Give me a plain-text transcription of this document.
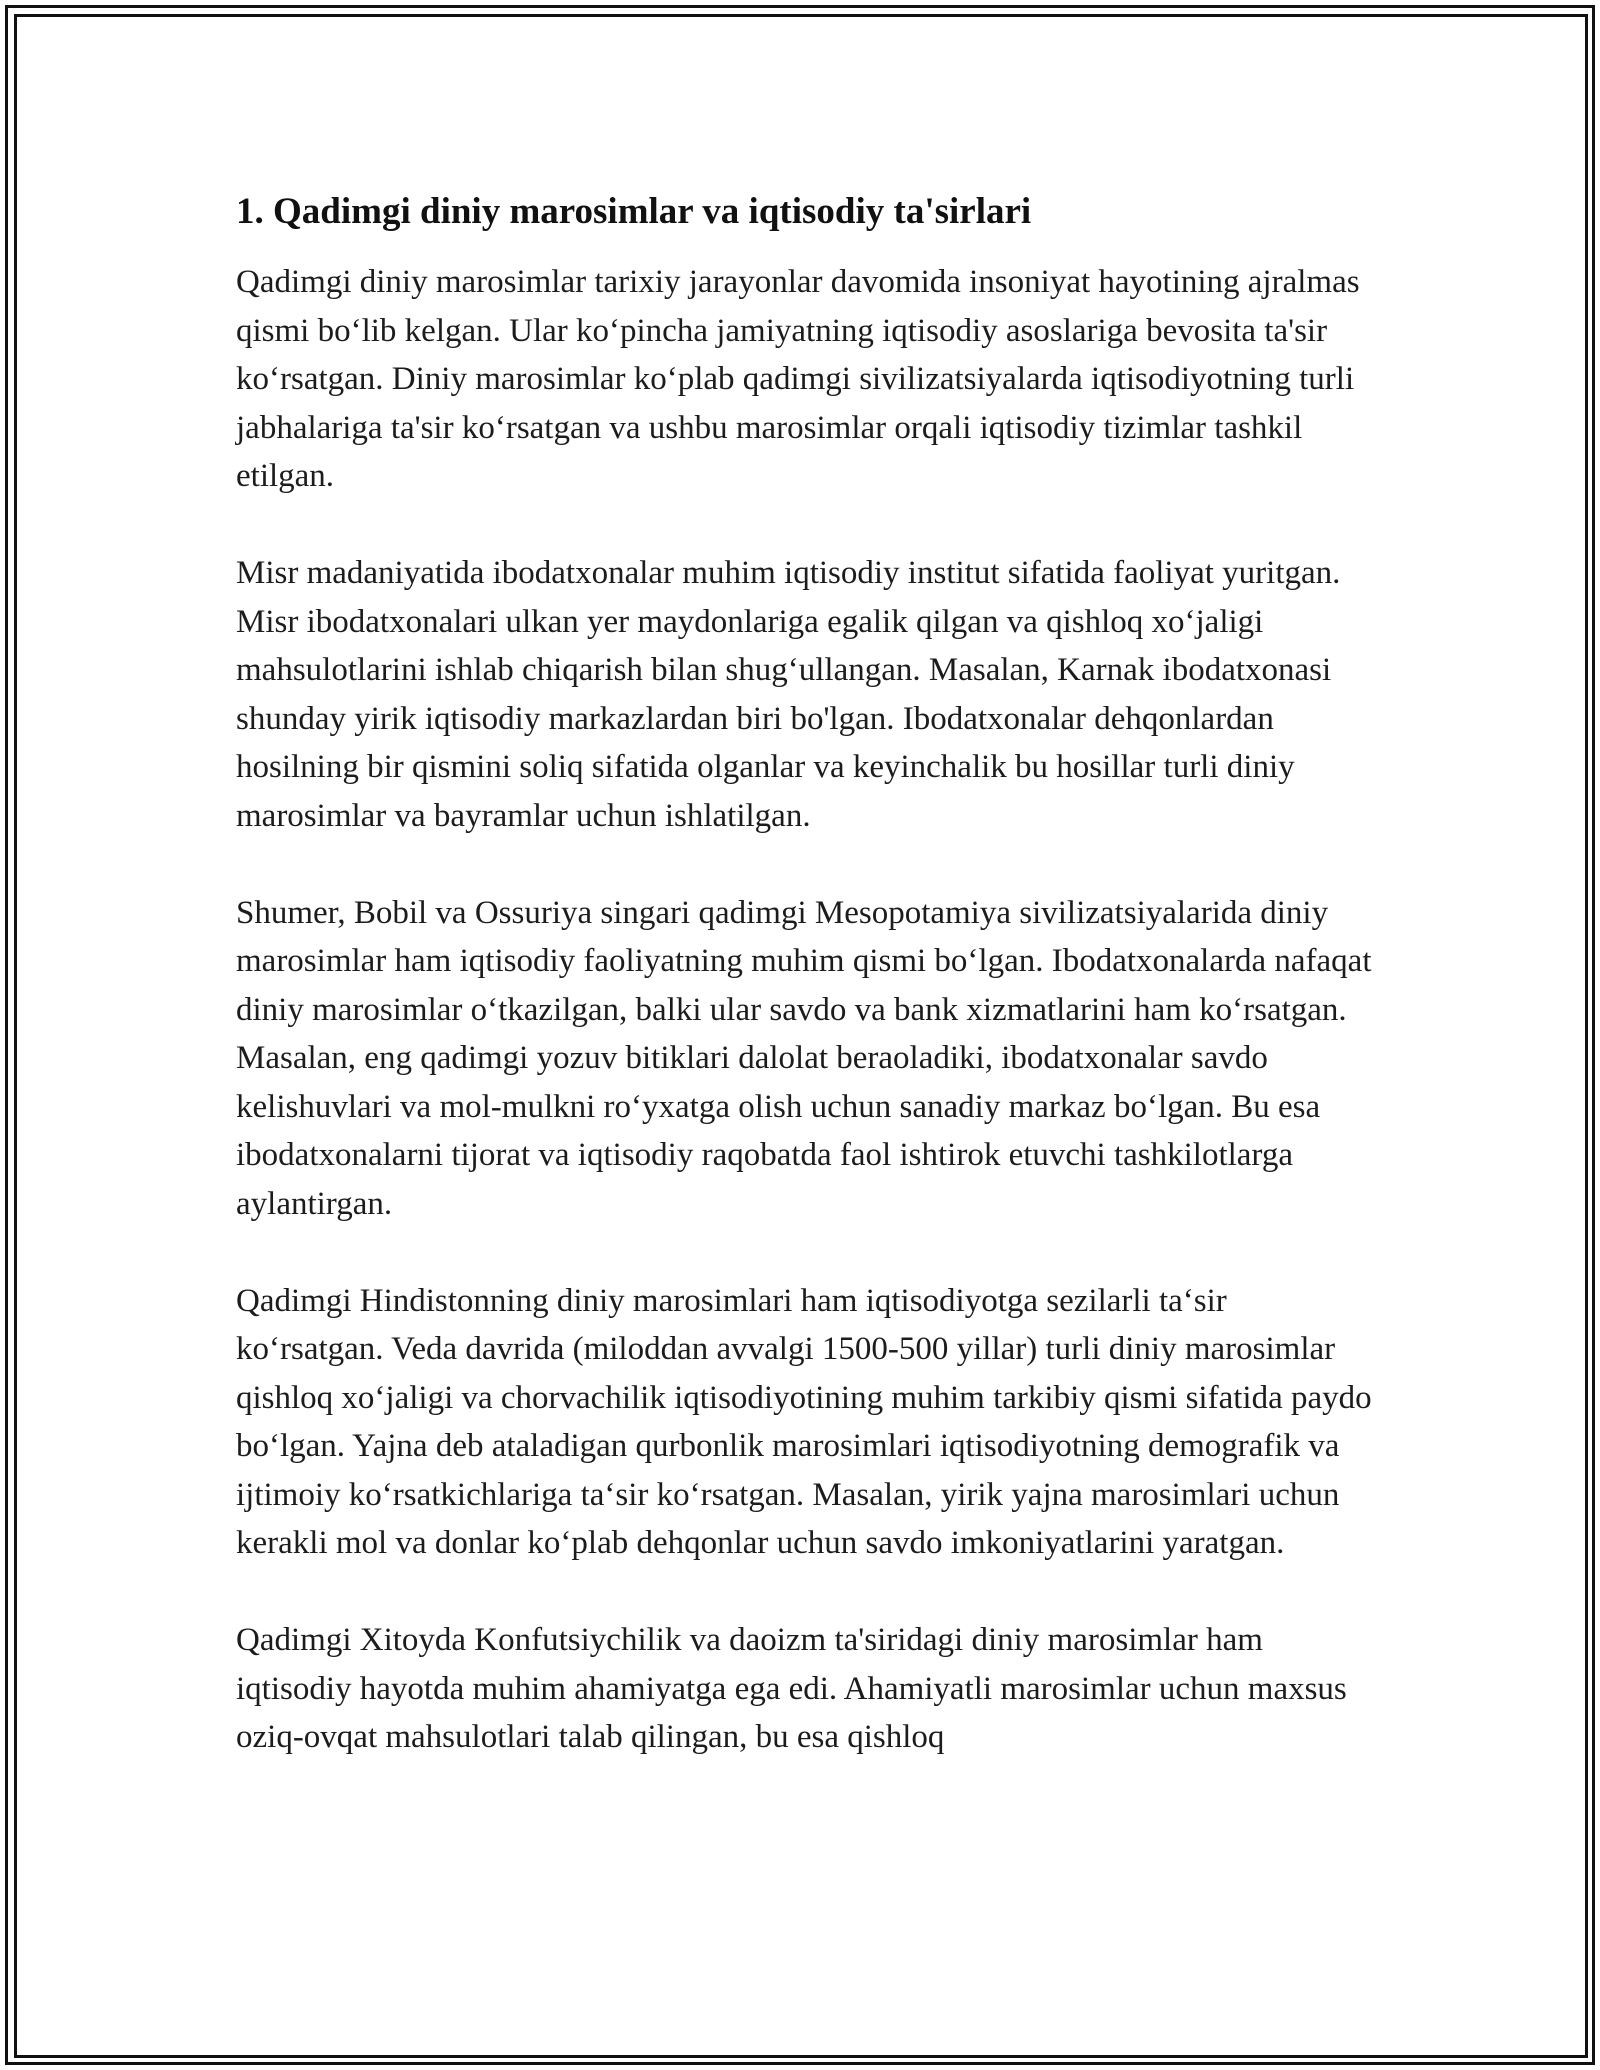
1. Qadimgi diniy marosimlar va iqtisodiy ta'sirlari

Qadimgi diniy marosimlar tarixiy jarayonlar davomida insoniyat hayotining ajralmas qismi boʻlib kelgan. Ular koʻpincha jamiyatning iqtisodiy asoslariga bevosita ta'sir koʻrsatgan. Diniy marosimlar koʻplab qadimgi sivilizatsiyalarda iqtisodiyotning turli jabhalariga ta'sir koʻrsatgan va ushbu marosimlar orqali iqtisodiy tizimlar tashkil etilgan.

Misr madaniyatida ibodatxonalar muhim iqtisodiy institut sifatida faoliyat yuritgan. Misr ibodatxonalari ulkan yer maydonlariga egalik qilgan va qishloq xoʻjaligi mahsulotlarini ishlab chiqarish bilan shugʻullangan. Masalan, Karnak ibodatxonasi shunday yirik iqtisodiy markazlardan biri bo'lgan. Ibodatxonalar dehqonlardan hosilning bir qismini soliq sifatida olganlar va keyinchalik bu hosillar turli diniy marosimlar va bayramlar uchun ishlatilgan.

Shumer, Bobil va Ossuriya singari qadimgi Mesopotamiya sivilizatsiyalarida diniy marosimlar ham iqtisodiy faoliyatning muhim qismi boʻlgan. Ibodatxonalarda nafaqat diniy marosimlar oʻtkazilgan, balki ular savdo va bank xizmatlarini ham koʻrsatgan. Masalan, eng qadimgi yozuv bitiklari dalolat beraoladiki, ibodatxonalar savdo kelishuvlari va mol-mulkni roʻyxatga olish uchun sanadiy markaz boʻlgan. Bu esa ibodatxonalarni tijorat va iqtisodiy raqobatda faol ishtirok etuvchi tashkilotlarga aylantirgan.

Qadimgi Hindistonning diniy marosimlari ham iqtisodiyotga sezilarli taʻsir koʻrsatgan. Veda davrida (miloddan avvalgi 1500-500 yillar) turli diniy marosimlar qishloq xoʻjaligi va chorvachilik iqtisodiyotining muhim tarkibiy qismi sifatida paydo boʻlgan. Yajna deb ataladigan qurbonlik marosimlari iqtisodiyotning demografik va ijtimoiy koʻrsatkichlariga taʻsir koʻrsatgan. Masalan, yirik yajna marosimlari uchun kerakli mol va donlar koʻplab dehqonlar uchun savdo imkoniyatlarini yaratgan.

Qadimgi Xitoyda Konfutsiychilik va daoizm ta'siridagi diniy marosimlar ham iqtisodiy hayotda muhim ahamiyatga ega edi. Ahamiyatli marosimlar uchun maxsus oziq-ovqat mahsulotlari talab qilingan, bu esa qishloq
